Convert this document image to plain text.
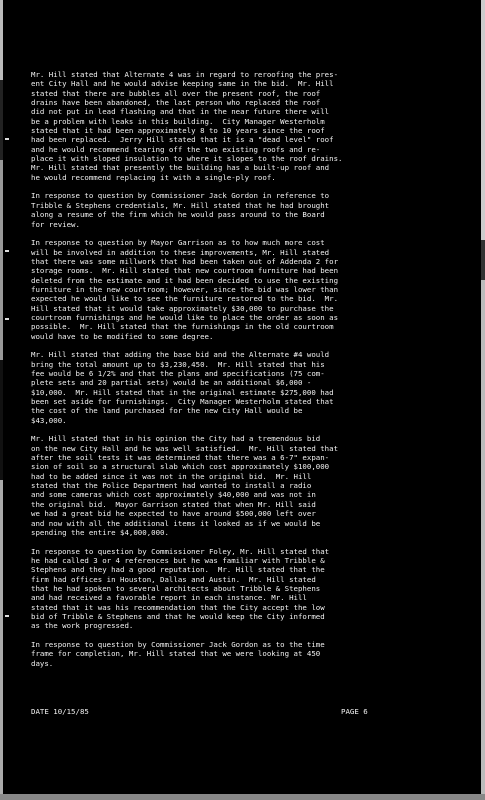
Mr. Hill stated that Alternate 4 was in regard to reroofing the pres-
ent City Hall and he would advise keeping same in the bid.  Mr. Hill
stated that there are bubbles all over the present roof, the roof
drains have been abandoned, the last person who replaced the roof
did not put in lead flashing and that in the near future there will
be a problem with leaks in this building.  City Manager Westerholm
stated that it had been approximately 8 to 10 years since the roof
had been replaced.  Jerry Hill stated that it is a "dead level" roof
and he would recommend tearing off the two existing roofs and re-
place it with sloped insulation to where it slopes to the roof drains.
Mr. Hill stated that presently the building has a built-up roof and
he would recommend replacing it with a single-ply roof.

In response to question by Commissioner Jack Gordon in reference to
Tribble & Stephens credentials, Mr. Hill stated that he had brought
along a resume of the firm which he would pass around to the Board
for review.

In response to question by Mayor Garrison as to how much more cost
will be involved in addition to these improvements, Mr. Hill stated
that there was some millwork that had been taken out of Addenda 2 for
storage rooms.  Mr. Hill stated that new courtroom furniture had been
deleted from the estimate and it had been decided to use the existing
furniture in the new courtroom; however, since the bid was lower than
expected he would like to see the furniture restored to the bid.  Mr.
Hill stated that it would take approximately $30,000 to purchase the
courtroom furnishings and he would like to place the order as soon as
possible.  Mr. Hill stated that the furnishings in the old courtroom
would have to be modified to some degree.

Mr. Hill stated that adding the base bid and the Alternate #4 would
bring the total amount up to $3,230,450.  Mr. Hill stated that his
fee would be 6 1/2% and that the plans and specifications (75 com-
plete sets and 20 partial sets) would be an additional $6,000 -
$10,000.  Mr. Hill stated that in the original estimate $275,000 had
been set aside for furnishings.  City Manager Westerholm stated that
the cost of the land purchased for the new City Hall would be
$43,000.

Mr. Hill stated that in his opinion the City had a tremendous bid
on the new City Hall and he was well satisfied.  Mr. Hill stated that
after the soil tests it was determined that there was a 6-7" expan-
sion of soil so a structural slab which cost approximately $100,000
had to be added since it was not in the original bid.  Mr. Hill
stated that the Police Department had wanted to install a radio
and some cameras which cost approximately $40,000 and was not in
the original bid.  Mayor Garrison stated that when Mr. Hill said
we had a great bid he expected to have around $500,000 left over
and now with all the additional items it looked as if we would be
spending the entire $4,000,000.

In response to question by Commissioner Foley, Mr. Hill stated that
he had called 3 or 4 references but he was familiar with Tribble &
Stephens and they had a good reputation.  Mr. Hill stated that the
firm had offices in Houston, Dallas and Austin.  Mr. Hill stated
that he had spoken to several architects about Tribble & Stephens
and had received a favorable report in each instance. Mr. Hill
stated that it was his recommendation that the City accept the low
bid of Tribble & Stephens and that he would keep the City informed
as the work progressed.

In response to question by Commissioner Jack Gordon as to the time
frame for completion, Mr. Hill stated that we were looking at 450
days.

DATE 10/15/85	PAGE 6
